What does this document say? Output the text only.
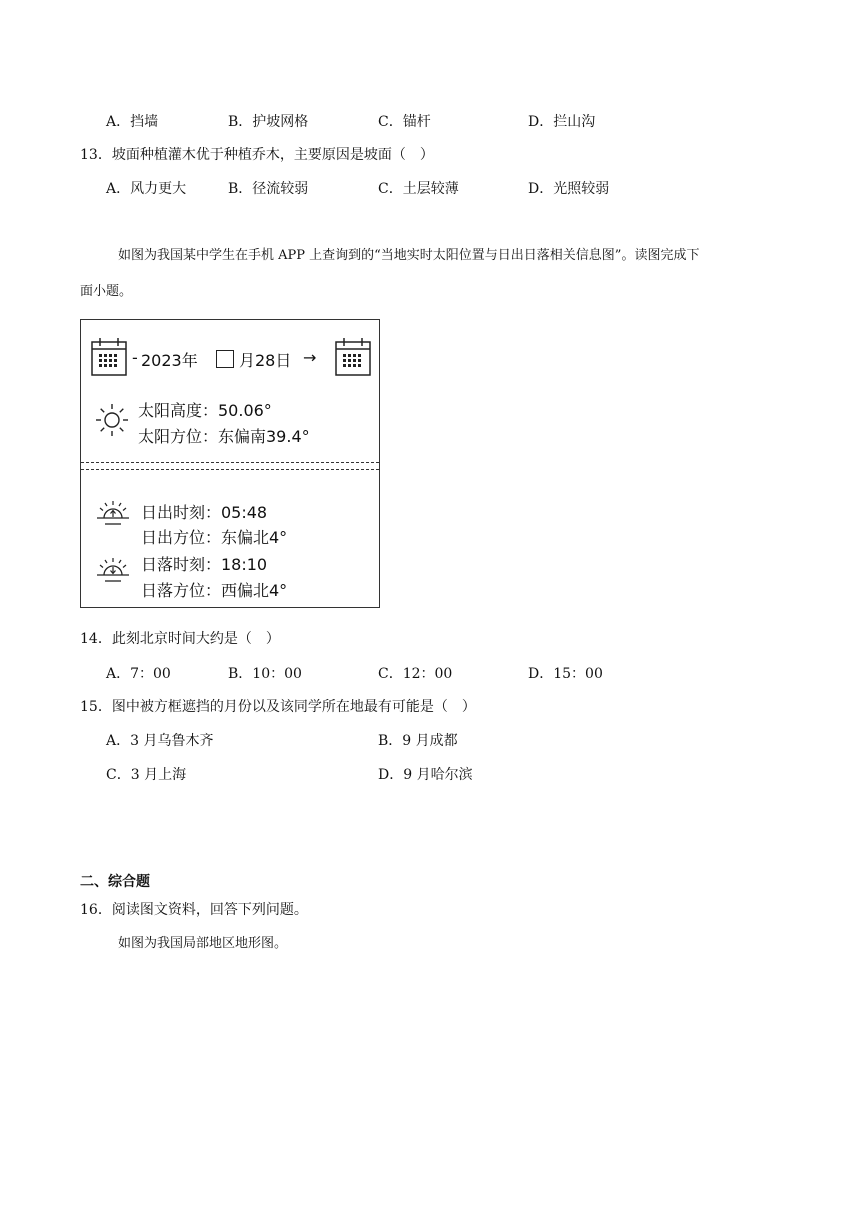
A．挡墙	B．护坡网格	C．锚杆	D．拦山沟
13．坡面种植灌木优于种植乔木，主要原因是坡面（　）
A．风力更大	B．径流较弱	C．土层较薄	D．光照较弱
如图为我国某中学生在手机 APP 上查询到的“当地实时太阳位置与日出日落相关信息图”。读图完成下
面小题。
- 2023年	月28日 →
太阳高度：50.06°
太阳方位：东偏南39.4°
日出时刻：05:48
日出方位：东偏北4°
日落时刻：18:10
日落方位：西偏北4°
14．此刻北京时间大约是（　）
A．7：00	B．10：00	C．12：00	D．15：00
15．图中被方框遮挡的月份以及该同学所在地最有可能是（　）
A．3 月乌鲁木齐	B．9 月成都
C．3 月上海	D．9 月哈尔滨
二、综合题
16．阅读图文资料，回答下列问题。
如图为我国局部地区地形图。
